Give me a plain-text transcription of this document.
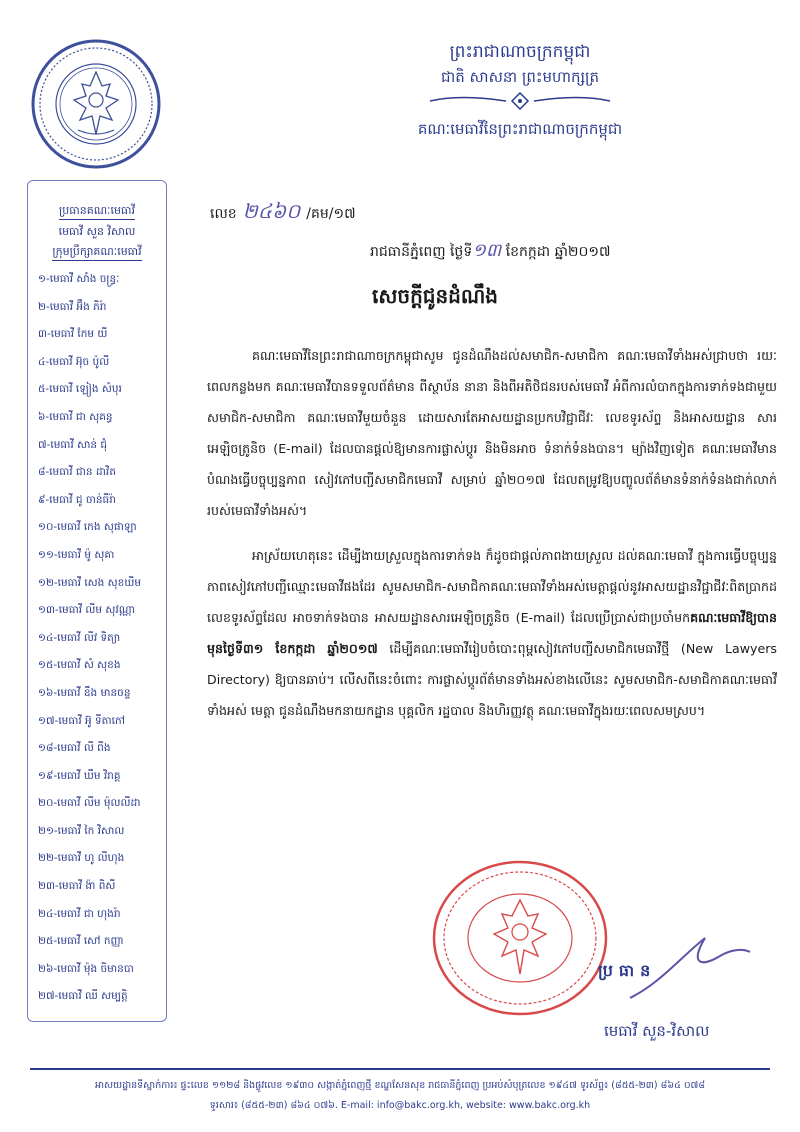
ព្រះរាជាណាចក្រកម្ពុជា
ជាតិ សាសនា ព្រះមហាក្សត្រ
គណៈមេធាវីនៃព្រះរាជាណាចក្រកម្ពុជា
ប្រធានគណៈមេធាវី
មេធាវី សួន វិសាល
ក្រុមប្រឹក្សាគណៈមេធាវី
១-មេធាវី សាំង ចន្ធ្រៈ
២-មេធាវី អ៊ឹង ភិរ៉ា
៣-មេធាវី កែម យី
៤-មេធាវី អ៊ុច ប៉ូលី
៥-មេធាវី ឡៀង សំបុរ
៦-មេធាវី ជា សុគន្ធ
៧-មេធាវី សាន់ ជុំ
៨-មេធាវី ជាន ដាវិត
៩-មេធាវី ជូ ចាន់ធីរ៉ា
១០-មេធាវី កេង សុផាឡា
១១-មេធាវី ម៉ូ សុគា
១២-មេធាវី សេង សុខឃីម
១៣-មេធាវី លីម សុវណ្ណា
១៤-មេធាវី លីវ ទិត្យា
១៥-មេធាវី សំ សុខង
១៦-មេធាវី ឧឹង មានចន្ទ
១៧-មេធាវី អ៊ូ ទីតាកៅ
១៨-មេធាវី លី ពីង
១៩-មេធាវី ឃឹម វិរាគ្គ
២០-មេធាវី លីម ម៉ុលលីដា
២១-មេធាវី កៃ វិសាល
២២-មេធាវី ហូ លីហុង
២៣-មេធាវី ង៉ា ពិសី
២៤-មេធាវី ជា ហុងរ៉ា
២៥-មេធាវី សៅ កញ្ញា
២៦-មេធាវី ម៉ុង ចិមានបា
២៧-មេធាវី ឈី សម្បត្តិ
លេខ ២៤៦០ /គម/១៧
រាជធានីភ្នំពេញ ថ្ងៃទី១៣ ខែកក្កដា ឆ្នាំ២០១៧
សេចក្តីជូនដំណឹង

គណៈមេធាវីនៃព្រះរាជាណាចក្រកម្ពុជាសូម ជូនដំណឹងដល់សមាជិក-សមាជិកា គណៈមេធាវីទាំងអស់ជ្រាបថា រយៈពេលកន្លងមក គណៈមេធាវីបានទទួលព័ត៌មាន ពីស្ថាប័ន នានា និងពីអតិថិជនរបស់មេធាវី អំពីការលំបាកក្នុងការទាក់ទងជាមួយសមាជិក-សមាជិកា គណៈមេធាវីមួយចំនួន ដោយសារតែអាសយដ្ឋានប្រកបវិជ្ជាជីវៈ លេខទូរស័ព្ទ និងអាសយដ្ឋាន សារអេឡិចត្រូនិច (E-mail) ដែលបានផ្តល់ឱ្យមានការផ្លាស់ប្តូរ និងមិនអាច ទំនាក់ទំនងបាន។ ម្យ៉ាងវិញទៀត គណៈមេធាវីមានបំណងធ្វើបច្ចុប្បន្នភាព សៀវភៅបញ្ជីសមាជិកមេធាវី សម្រាប់ ឆ្នាំ២០១៧ ដែលតម្រូវឱ្យបញ្ចូលព័ត៌មានទំនាក់ទំនងជាក់លាក់របស់មេធាវីទាំងអស់។

អាស្រ័យហេតុនេះ ដើម្បីងាយស្រួលក្នុងការទាក់ទង ក៏ដូចជាផ្តល់ភាពងាយស្រួល ដល់គណៈមេធាវី ក្នុងការធ្វើបច្ចុប្បន្នភាពសៀវភៅបញ្ជីឈ្មោះមេធាវីផងដែរ សូមសមាជិក-សមាជិកាគណៈមេធាវីទាំងអស់មេត្តាផ្តល់នូវអាសយដ្ឋានវិជ្ជាជីវៈពិតប្រាកដ លេខទូរស័ព្ទដែល អាចទាក់ទងបាន អាសយដ្ឋានសារអេឡិចត្រូនិច (E-mail) ដែលប្រើប្រាស់ជាប្រចាំមកគណៈមេធាវីឱ្យបានមុនថ្ងៃទី៣១ ខែកក្កដា ឆ្នាំ២០១៧ ដើម្បីគណៈមេធាវីរៀបចំបោះពុម្ពសៀវភៅបញ្ជីសមាជិកមេធាវីថ្មី (New Lawyers Directory) ឱ្យបានឆាប់។ លើសពីនេះចំពោះ ការផ្លាស់ប្តូរព័ត៌មានទាំងអស់ខាងលើនេះ សូមសមាជិក-សមាជិកាគណៈមេធាវីទាំងអស់ មេត្តា ជូនដំណឹងមកនាយកដ្ឋាន បុគ្គលិក រដ្ឋបាល និងហិរញ្ញវត្ថុ គណៈមេធាវីក្នុងរយៈពេលសមស្រប។

ប្រធាន
មេធាវី សួន-វិសាល
អាសយដ្ឋានទីស្នាក់ការ៖ ផ្ទះលេខ ១១២៨ និងផ្លូវលេខ ១៩៣០ សង្កាត់ភ្នំពេញថ្មី ខណ្ឌសែនសុខ រាជធានីភ្នំពេញ ប្រអប់សំបុត្រលេខ ១៩៤៧ ទូរស័ព្ទ៖ (៨៥៥-២៣) ៨៦៤ ០៧៨
ទូរសារ៖ (៨៥៥-២៣) ៨៦៤ ០៧៦. E-mail: info@bakc.org.kh, website: www.bakc.org.kh
